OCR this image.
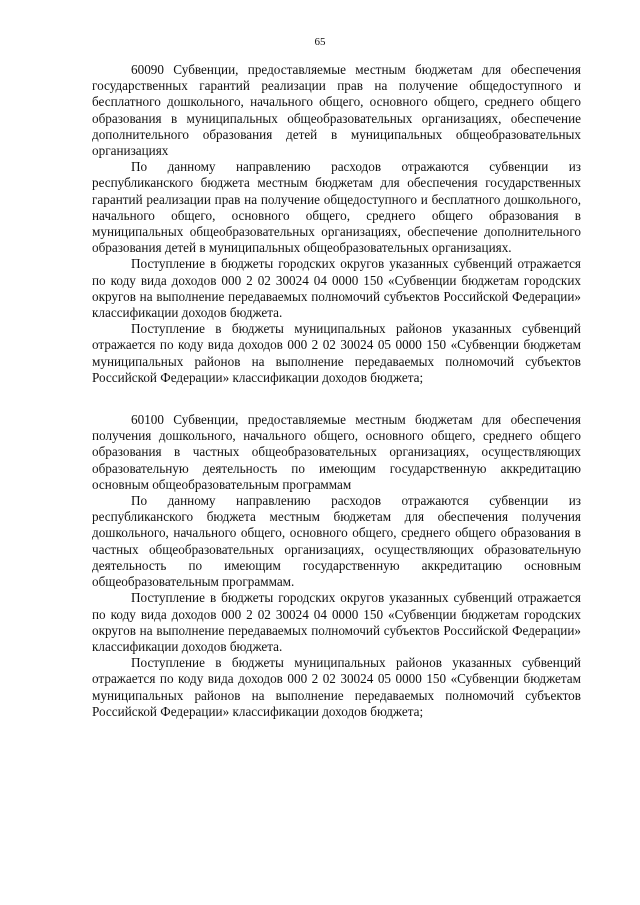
65

60090 Субвенции, предоставляемые местным бюджетам для обеспечения государственных гарантий реализации прав на получение общедоступного и бесплатного дошкольного, начального общего, основного общего, среднего общего образования в муниципальных общеобразовательных организациях, обеспечение дополнительного образования детей в муниципальных общеобразовательных организациях

По данному направлению расходов отражаются субвенции из республиканского бюджета местным бюджетам для обеспечения государственных гарантий реализации прав на получение общедоступного и бесплатного дошкольного, начального общего, основного общего, среднего общего образования в муниципальных общеобразовательных организациях, обеспечение дополнительного образования детей в муниципальных общеобразовательных организациях.

Поступление в бюджеты городских округов указанных субвенций отражается по коду вида доходов 000 2 02 30024 04 0000 150 «Субвенции бюджетам городских округов на выполнение передаваемых полномочий субъектов Российской Федерации» классификации доходов бюджета.

Поступление в бюджеты муниципальных районов указанных субвенций отражается по коду вида доходов 000 2 02 30024 05 0000 150 «Субвенции бюджетам муниципальных районов на выполнение передаваемых полномочий субъектов Российской Федерации» классификации доходов бюджета;

60100 Субвенции, предоставляемые местным бюджетам для обеспечения получения дошкольного, начального общего, основного общего, среднего общего образования в частных общеобразовательных организациях, осуществляющих образовательную деятельность по имеющим государственную аккредитацию основным общеобразовательным программам

По данному направлению расходов отражаются субвенции из республиканского бюджета местным бюджетам для обеспечения получения дошкольного, начального общего, основного общего, среднего общего образования в частных общеобразовательных организациях, осуществляющих образовательную деятельность по имеющим государственную аккредитацию основным общеобразовательным программам.

Поступление в бюджеты городских округов указанных субвенций отражается по коду вида доходов 000 2 02 30024 04 0000 150 «Субвенции бюджетам городских округов на выполнение передаваемых полномочий субъектов Российской Федерации» классификации доходов бюджета.

Поступление в бюджеты муниципальных районов указанных субвенций отражается по коду вида доходов 000 2 02 30024 05 0000 150 «Субвенции бюджетам муниципальных районов на выполнение передаваемых полномочий субъектов Российской Федерации» классификации доходов бюджета;
